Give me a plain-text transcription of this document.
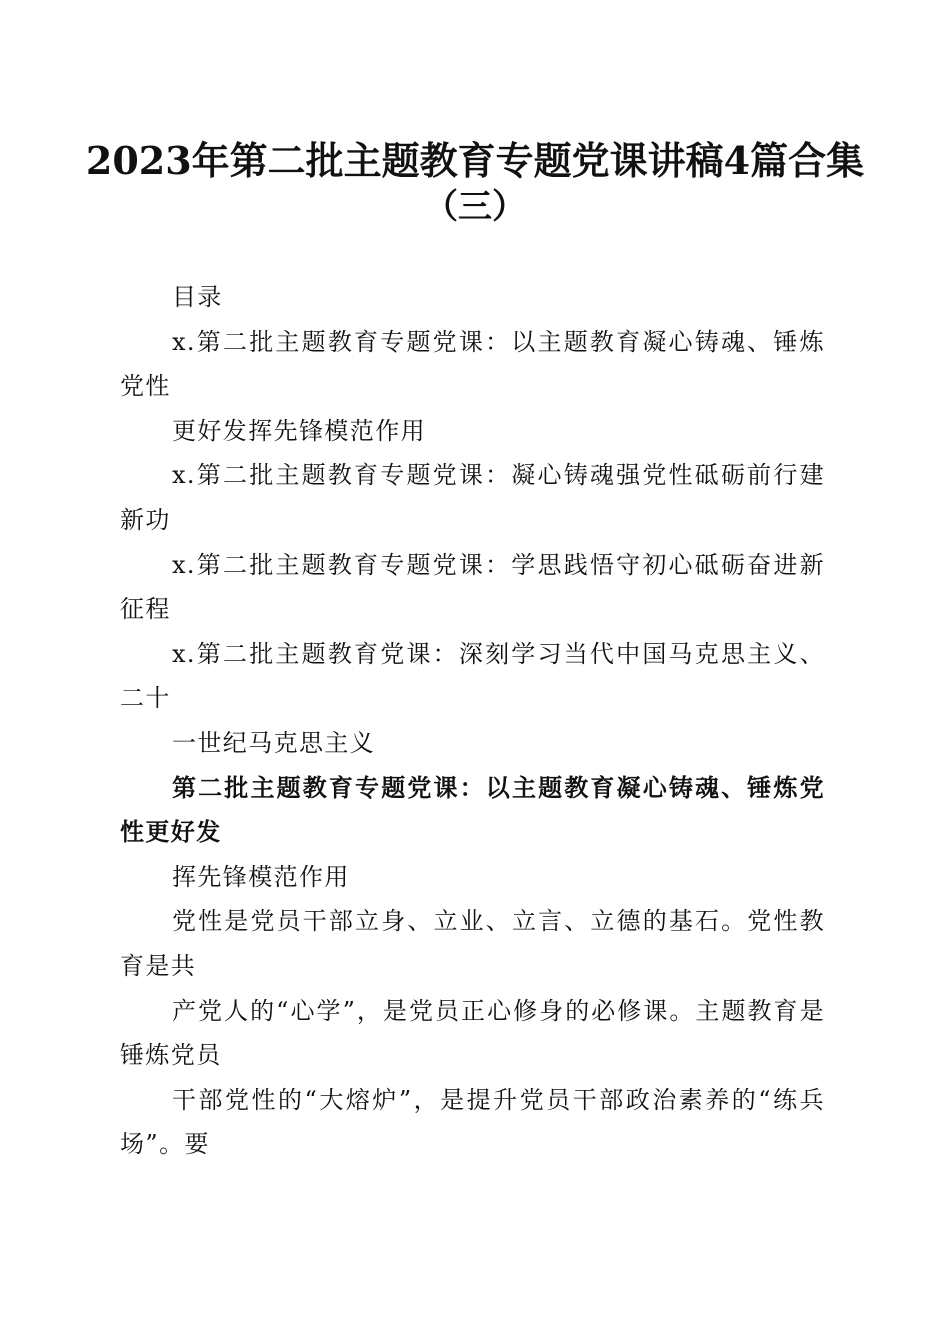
2023年第二批主题教育专题党课讲稿4篇合集
（三）

目录

x.第二批主题教育专题党课：以主题教育凝心铸魂、锤炼党性

更好发挥先锋模范作用

x.第二批主题教育专题党课：凝心铸魂强党性砥砺前行建新功

x.第二批主题教育专题党课：学思践悟守初心砥砺奋进新征程

x.第二批主题教育党课：深刻学习当代中国马克思主义、二十

一世纪马克思主义

第二批主题教育专题党课：以主题教育凝心铸魂、锤炼党性更好发

挥先锋模范作用

党性是党员干部立身、立业、立言、立德的基石。党性教育是共

产党人的“心学”，是党员正心修身的必修课。主题教育是锤炼党员

干部党性的“大熔炉”，是提升党员干部政治素养的“练兵场”。要
